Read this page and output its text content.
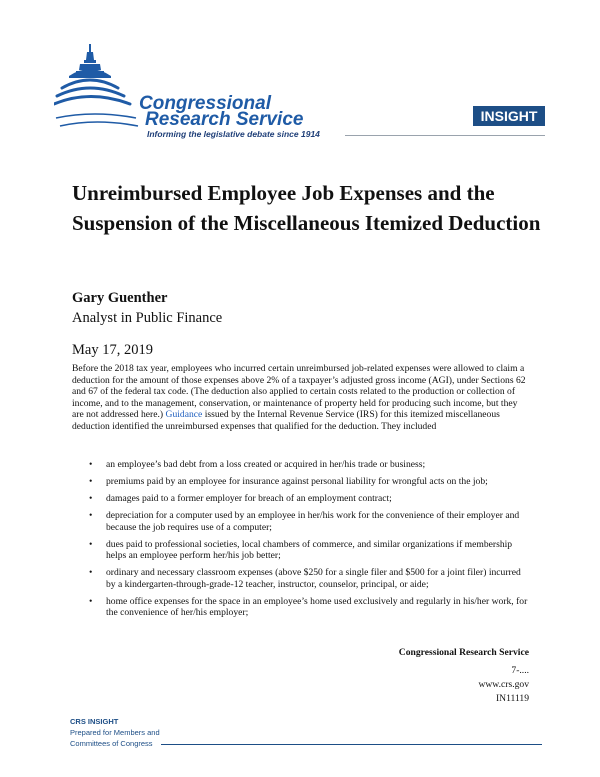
Congressional
Research Service
Informing the legislative debate since 1914
INSIGHT
Unreimbursed Employee Job Expenses and the Suspension of the Miscellaneous Itemized Deduction
Gary Guenther
Analyst in Public Finance
May 17, 2019

Before the 2018 tax year, employees who incurred certain unreimbursed job-related expenses were allowed to claim a deduction for the amount of those expenses above 2% of a taxpayer’s adjusted gross income (AGI), under Sections 62 and 67 of the federal tax code. (The deduction also applied to certain costs related to the production or collection of income, and to the management, conservation, or maintenance of property held for producing such income, but they are not addressed here.) Guidance issued by the Internal Revenue Service (IRS) for this itemized miscellaneous deduction identified the unreimbursed expenses that qualified for the deduction. They included

• an employee’s bad debt from a loss created or acquired in her/his trade or business;
• premiums paid by an employee for insurance against personal liability for wrongful acts on the job;
• damages paid to a former employer for breach of an employment contract;
• depreciation for a computer used by an employee in her/his work for the convenience of their employer and because the job requires use of a computer;
• dues paid to professional societies, local chambers of commerce, and similar organizations if membership helps an employee perform her/his job better;
• ordinary and necessary classroom expenses (above $250 for a single filer and $500 for a joint filer) incurred by a kindergarten-through-grade-12 teacher, instructor, counselor, principal, or aide;
• home office expenses for the space in an employee’s home used exclusively and regularly in his/her work, for the convenience of her/his employer;
Congressional Research Service
7-....
www.crs.gov
IN11119
CRS INSIGHT
Prepared for Members and
Committees of Congress
